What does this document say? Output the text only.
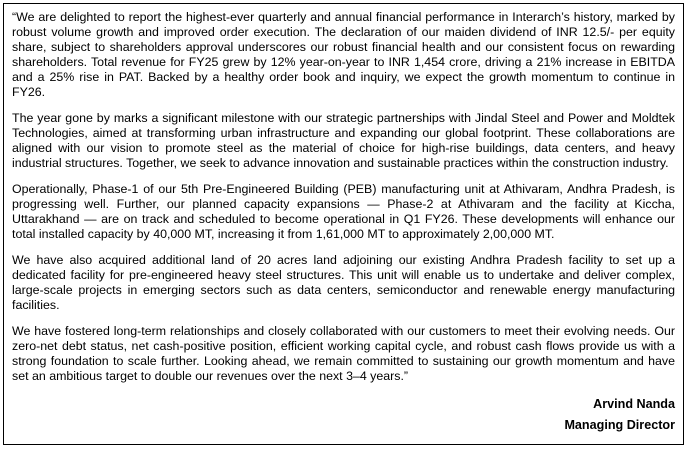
“We are delighted to report the highest-ever quarterly and annual financial performance in Interarch’s history, marked by robust volume growth and improved order execution. The declaration of our maiden dividend of INR 12.5/- per equity share, subject to shareholders approval underscores our robust financial health and our consistent focus on rewarding shareholders. Total revenue for FY25 grew by 12% year-on-year to INR 1,454 crore, driving a 21% increase in EBITDA and a 25% rise in PAT. Backed by a healthy order book and inquiry, we expect the growth momentum to continue in FY26.

The year gone by marks a significant milestone with our strategic partnerships with Jindal Steel and Power and Moldtek Technologies, aimed at transforming urban infrastructure and expanding our global footprint. These collaborations are aligned with our vision to promote steel as the material of choice for high-rise buildings, data centers, and heavy industrial structures. Together, we seek to advance innovation and sustainable practices within the construction industry.

Operationally, Phase-1 of our 5th Pre-Engineered Building (PEB) manufacturing unit at Athivaram, Andhra Pradesh, is progressing well. Further, our planned capacity expansions — Phase-2 at Athivaram and the facility at Kiccha, Uttarakhand — are on track and scheduled to become operational in Q1 FY26. These developments will enhance our total installed capacity by 40,000 MT, increasing it from 1,61,000 MT to approximately 2,00,000 MT.

We have also acquired additional land of 20 acres land adjoining our existing Andhra Pradesh facility to set up a dedicated facility for pre-engineered heavy steel structures. This unit will enable us to undertake and deliver complex, large-scale projects in emerging sectors such as data centers, semiconductor and renewable energy manufacturing facilities.

We have fostered long-term relationships and closely collaborated with our customers to meet their evolving needs. Our zero-net debt status, net cash-positive position, efficient working capital cycle, and robust cash flows provide us with a strong foundation to scale further. Looking ahead, we remain committed to sustaining our growth momentum and have set an ambitious target to double our revenues over the next 3–4 years.”

Arvind Nanda
Managing Director
